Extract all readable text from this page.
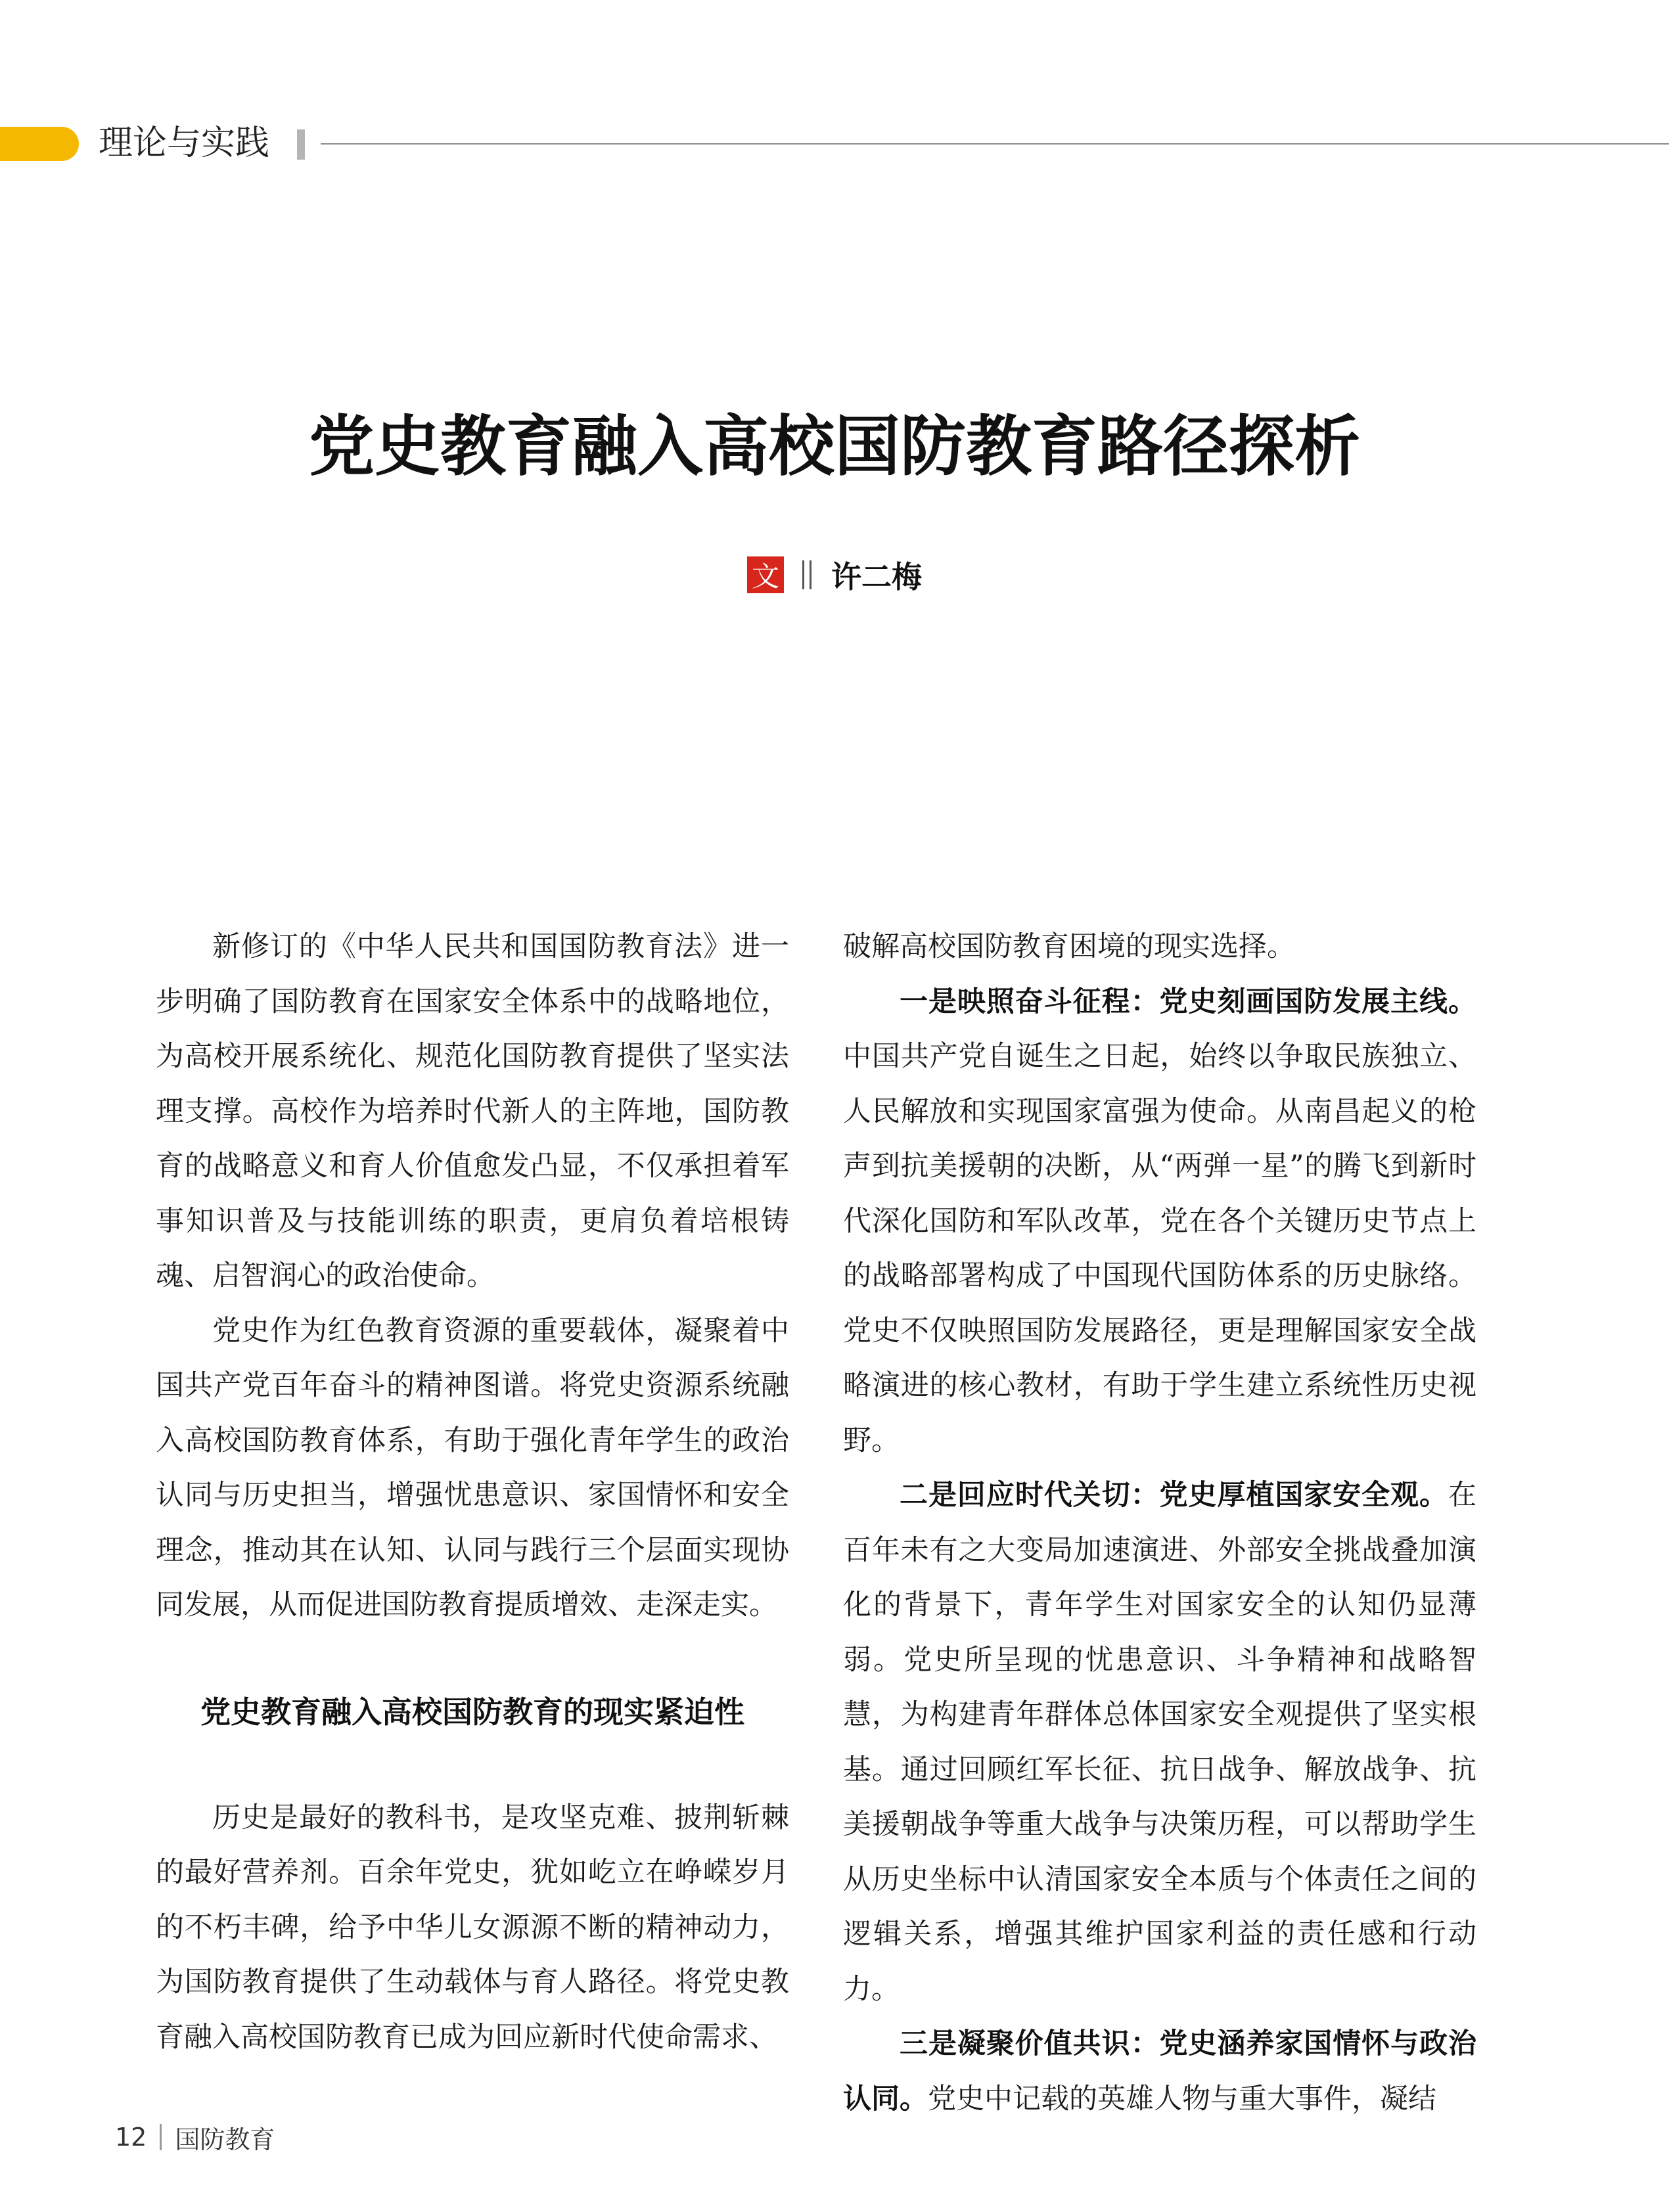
理论与实践
党史教育融入高校国防教育路径探析
文 许二梅

新修订的《中华人民共和国国防教育法》进一步明确了国防教育在国家安全体系中的战略地位，为高校开展系统化、规范化国防教育提供了坚实法理支撑。高校作为培养时代新人的主阵地，国防教育的战略意义和育人价值愈发凸显，不仅承担着军事知识普及与技能训练的职责，更肩负着培根铸魂、启智润心的政治使命。

党史作为红色教育资源的重要载体，凝聚着中国共产党百年奋斗的精神图谱。将党史资源系统融入高校国防教育体系，有助于强化青年学生的政治认同与历史担当，增强忧患意识、家国情怀和安全理念，推动其在认知、认同与践行三个层面实现协同发展，从而促进国防教育提质增效、走深走实。

党史教育融入高校国防教育的现实紧迫性

历史是最好的教科书，是攻坚克难、披荆斩棘的最好营养剂。百余年党史，犹如屹立在峥嵘岁月的不朽丰碑，给予中华儿女源源不断的精神动力，为国防教育提供了生动载体与育人路径。将党史教育融入高校国防教育已成为回应新时代使命需求、

破解高校国防教育困境的现实选择。

一是映照奋斗征程：党史刻画国防发展主线。中国共产党自诞生之日起，始终以争取民族独立、人民解放和实现国家富强为使命。从南昌起义的枪声到抗美援朝的决断，从“两弹一星”的腾飞到新时代深化国防和军队改革，党在各个关键历史节点上的战略部署构成了中国现代国防体系的历史脉络。党史不仅映照国防发展路径，更是理解国家安全战略演进的核心教材，有助于学生建立系统性历史视野。

二是回应时代关切：党史厚植国家安全观。在百年未有之大变局加速演进、外部安全挑战叠加演化的背景下，青年学生对国家安全的认知仍显薄弱。党史所呈现的忧患意识、斗争精神和战略智慧，为构建青年群体总体国家安全观提供了坚实根基。通过回顾红军长征、抗日战争、解放战争、抗美援朝战争等重大战争与决策历程，可以帮助学生从历史坐标中认清国家安全本质与个体责任之间的逻辑关系，增强其维护国家利益的责任感和行动力。

三是凝聚价值共识：党史涵养家国情怀与政治认同。党史中记载的英雄人物与重大事件，凝结

12 国防教育
